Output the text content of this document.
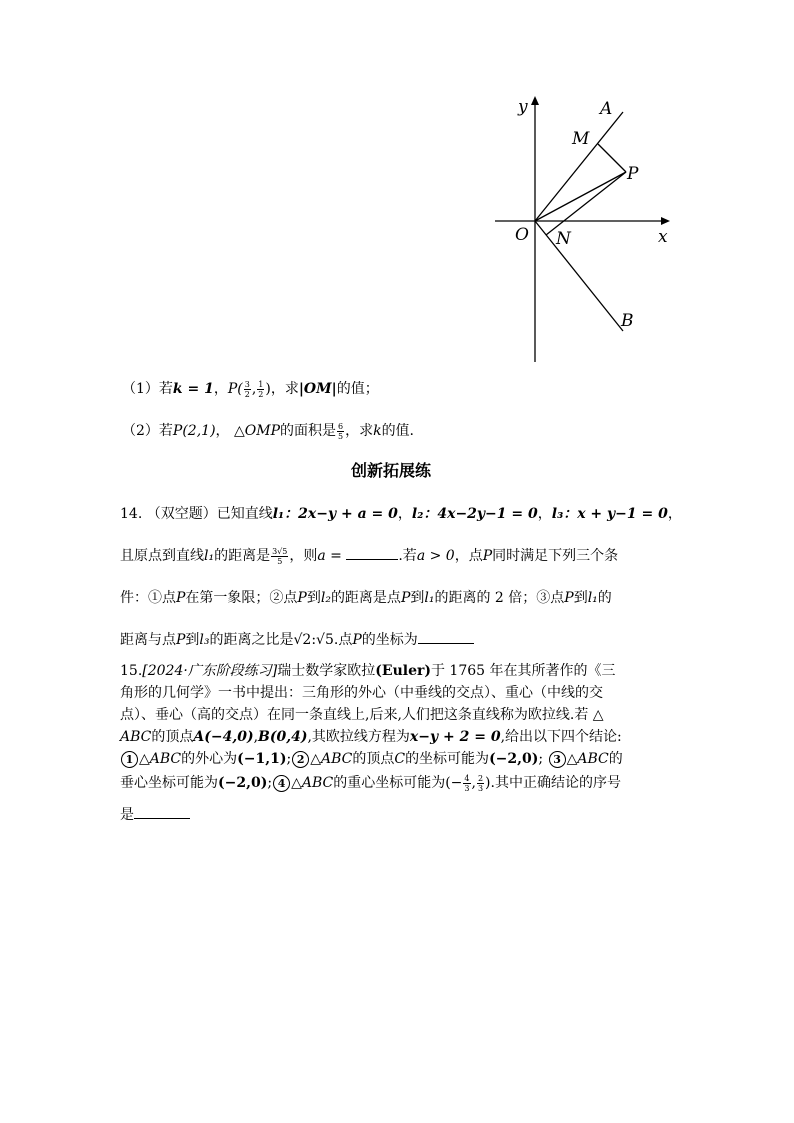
y	A
M
P
O N	x
B
（1）若k = 1，$P( \frac{3}{2}$ , $\frac{1}{2}$ )，求|OM|的值；
（2）若P(2,1)， △OMP的面积是 $\frac{6}{5}$ ，求k的值.
创新拓展练
14. （双空题）已知直线l₁：2x−y + a = 0，l₂：4x−2y−1 = 0，l₃：x + y−1 = 0，
且原点到直线l₁的距离是 $\frac{3√5}{5}$ ，则a =	.若a > 0，点P同时满足下列三个条
件：①点P在第一象限；②点P到l₂的距离是点P到l₁的距离的 2 倍；③点P到l₁的
距离与点P到l₃的距离之比是√2:√5.点P的坐标为
15.[2024·广东阶段练习]瑞士数学家欧拉(Euler)于 1765 年在其所著作的《三
角形的几何学》一书中提出：三角形的外心（中垂线的交点）、重心（中线的交
点）、垂心（高的交点）在同一条直线上,后来,人们把这条直线称为欧拉线.若 △
ABC的顶点A(−4,0),B(0,4),其欧拉线方程为x−y + 2 = 0,给出以下四个结论:
1 △ABC的外心为(−1,1); 2 △ABC的顶点C的坐标可能为(−2,0); 3 △ABC的
垂心坐标可能为(−2,0); 4 △ABC的重心坐标可能为(− $\frac{4}{3}$ , $\frac{2}{3}$ ).其中正确结论的序号
是
